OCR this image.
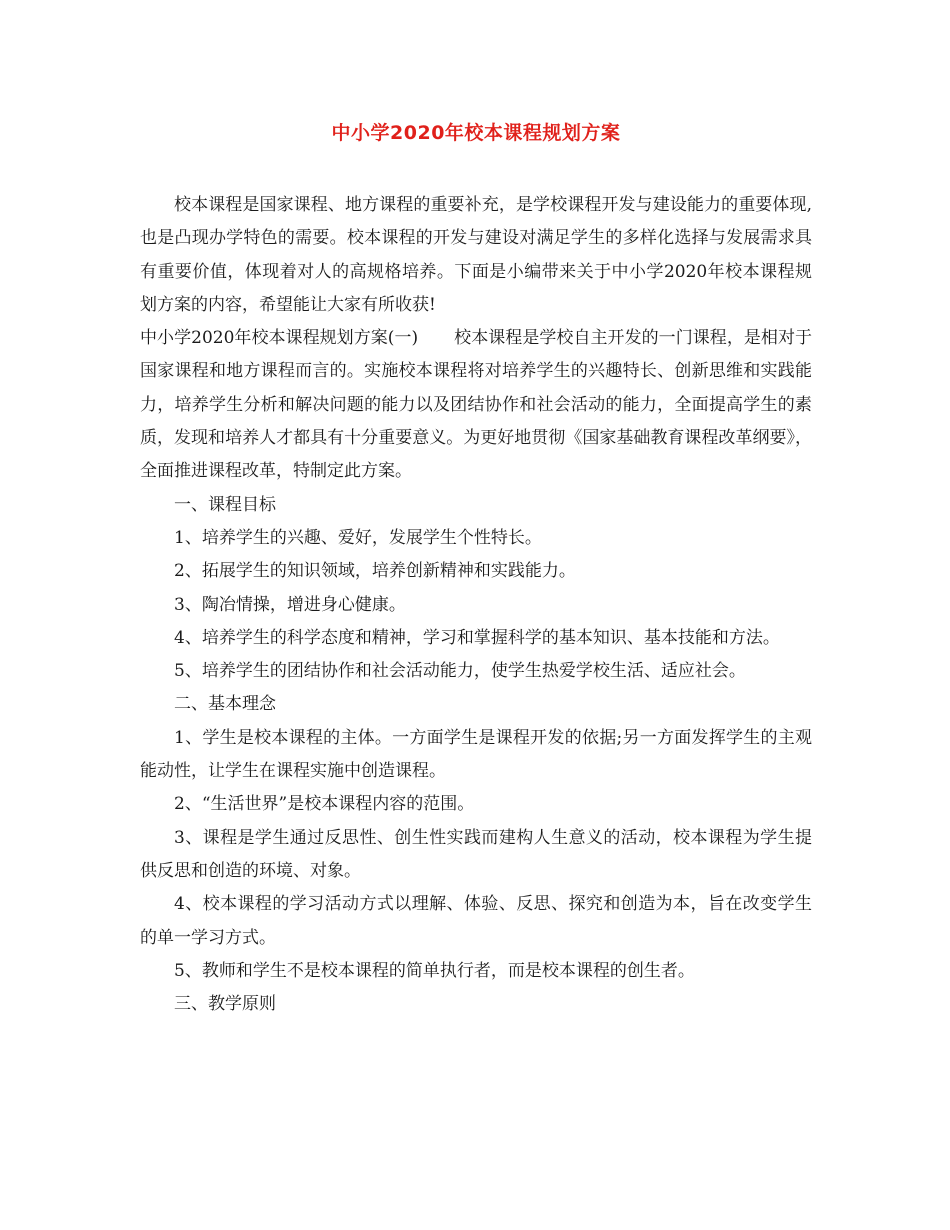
中小学2020年校本课程规划方案

校本课程是国家课程、地方课程的重要补充，是学校课程开发与建设能力的重要体现,也是凸现办学特色的需要。校本课程的开发与建设对满足学生的多样化选择与发展需求具有重要价值，体现着对人的高规格培养。下面是小编带来关于中小学2020年校本课程规划方案的内容，希望能让大家有所收获!

中小学2020年校本课程规划方案(一) 校本课程是学校自主开发的一门课程，是相对于国家课程和地方课程而言的。实施校本课程将对培养学生的兴趣特长、创新思维和实践能力，培养学生分析和解决问题的能力以及团结协作和社会活动的能力，全面提高学生的素质，发现和培养人才都具有十分重要意义。为更好地贯彻《国家基础教育课程改革纲要》，全面推进课程改革，特制定此方案。

一、课程目标

1、培养学生的兴趣、爱好，发展学生个性特长。

2、拓展学生的知识领域，培养创新精神和实践能力。

3、陶冶情操，增进身心健康。

4、培养学生的科学态度和精神，学习和掌握科学的基本知识、基本技能和方法。

5、培养学生的团结协作和社会活动能力，使学生热爱学校生活、适应社会。

二、基本理念

1、学生是校本课程的主体。一方面学生是课程开发的依据;另一方面发挥学生的主观能动性，让学生在课程实施中创造课程。

2、“生活世界”是校本课程内容的范围。

3、课程是学生通过反思性、创生性实践而建构人生意义的活动，校本课程为学生提供反思和创造的环境、对象。

4、校本课程的学习活动方式以理解、体验、反思、探究和创造为本，旨在改变学生的单一学习方式。

5、教师和学生不是校本课程的简单执行者，而是校本课程的创生者。

三、教学原则
